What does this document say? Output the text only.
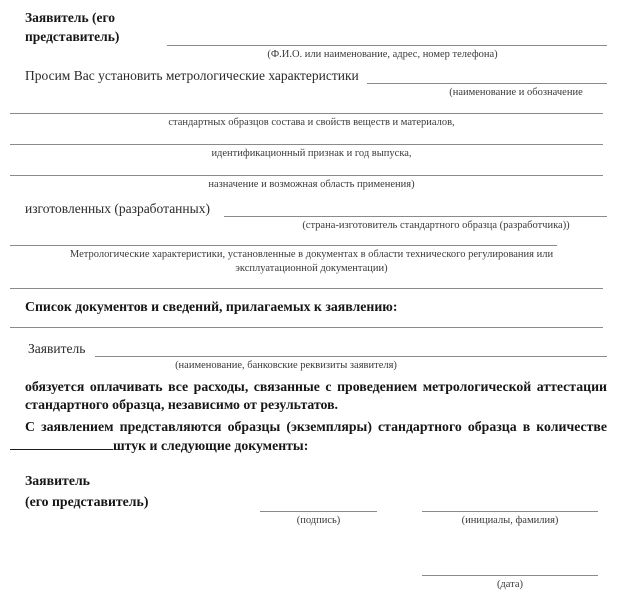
Заявитель (его
представитель)
(Ф.И.О. или наименование, адрес, номер телефона)
Просим Вас установить метрологические характеристики
(наименование и обозначение
стандартных образцов состава и свойств веществ и материалов,
идентификационный признак и год выпуска,
назначение и возможная область применения)
изготовленных (разработанных)
(страна-изготовитель стандартного образца (разработчика))
Метрологические характеристики, установленные в документах в области технического регулирования или
эксплуатационной документации)
Список документов и сведений, прилагаемых к заявлению:
Заявитель
(наименование, банковские реквизиты заявителя)
обязуется оплачивать все расходы, связанные с проведением метрологической аттестации стандартного образца, независимо от результатов.
С заявлением представляются образцы (экземпляры) стандартного образца в количестве
штук и следующие документы:
Заявитель
(его представитель)
(подпись)	(инициалы, фамилия)
(дата)
